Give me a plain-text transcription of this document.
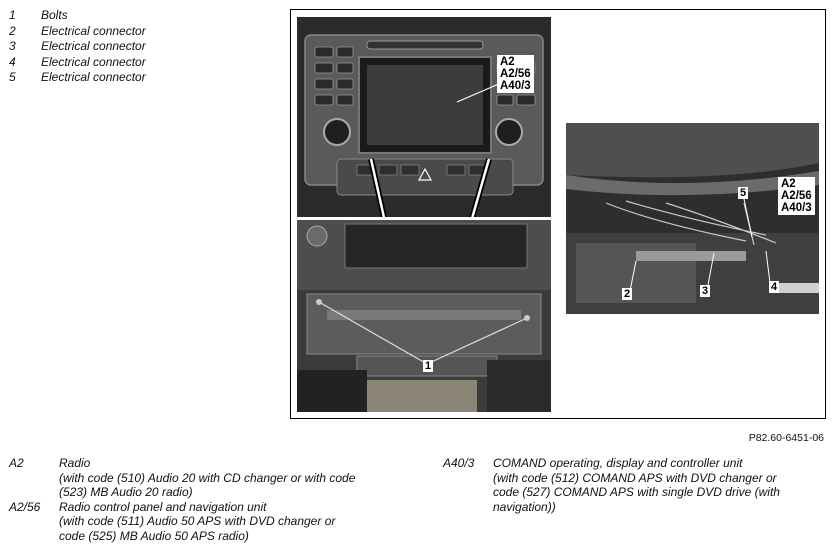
1	Bolts
2	Electrical connector
3	Electrical connector
4	Electrical connector
5	Electrical connector
A2
A2/56
A40/3
1
A2
A2/56
A40/3
2	3	4
5
P82.60-6451-06
A2	Radio
(with code (510) Audio 20 with CD changer or with code
(523) MB Audio 20 radio)
A2/56	Radio control panel and navigation unit
(with code (511) Audio 50 APS with DVD changer or
code (525) MB Audio 50 APS radio)
A40/3	COMAND operating, display and controller unit
(with code (512) COMAND APS with DVD changer or
code (527) COMAND APS with single DVD drive (with
navigation))
